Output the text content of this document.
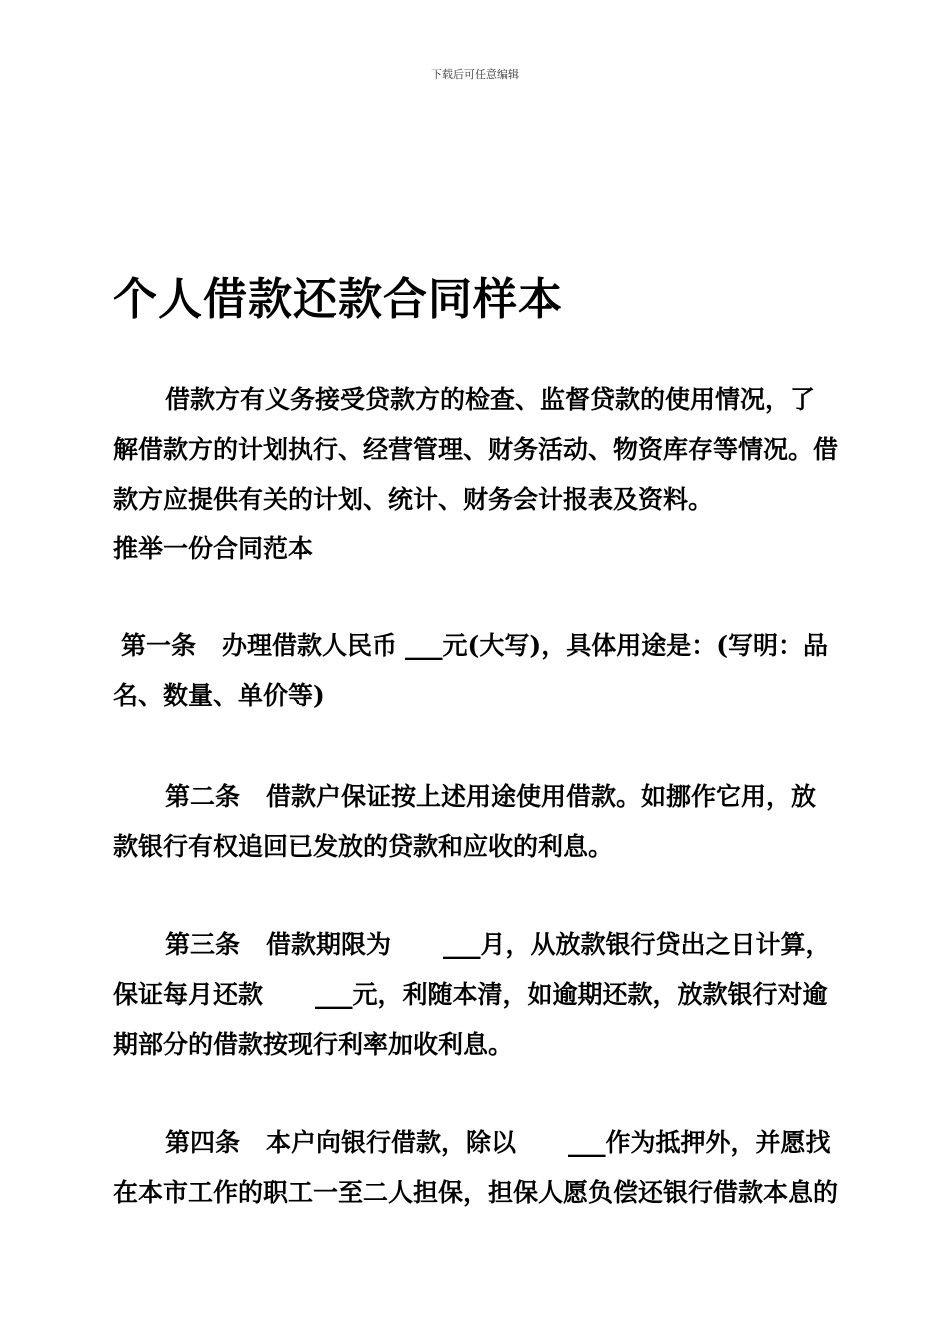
下载后可任意编辑
个人借款还款合同样本

借款方有义务接受贷款方的检查、监督贷款的使用情况，了解借款方的计划执行、经营管理、财务活动、物资库存等情况。借款方应提供有关的计划、统计、财务会计报表及资料。

推举一份合同范本

第一条 办理借款人民币 ___元(大写)，具体用途是：(写明：品名、数量、单价等)

第二条 借款户保证按上述用途使用借款。如挪作它用，放款银行有权追回已发放的贷款和应收的利息。

第三条 借款期限为 ___月，从放款银行贷出之日计算，保证每月还款 ___元，利随本清，如逾期还款，放款银行对逾期部分的借款按现行利率加收利息。

第四条 本户向银行借款，除以 ___作为抵押外，并愿找在本市工作的职工一至二人担保，担保人愿负偿还银行借款本息的
